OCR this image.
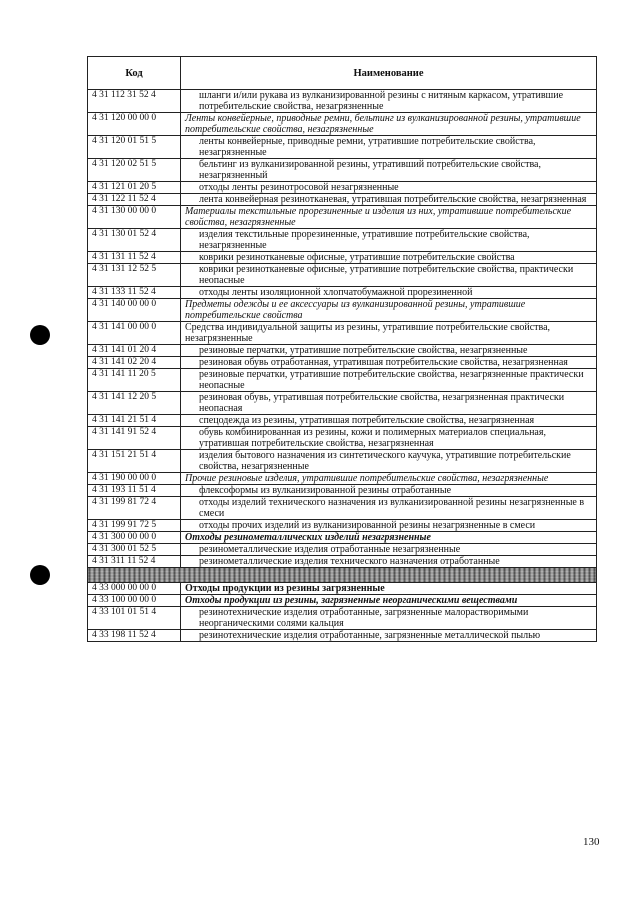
Код	Наименование
4 31 112 31 52 4	шланги и/или рукава из вулканизированной резины с нитяным каркасом, утратившие потребительские свойства, незагрязненные
4 31 120 00 00 0	Ленты конвейерные, приводные ремни, бельтинг из вулканизированной резины, утратившие потребительские свойства, незагрязненные
4 31 120 01 51 5	ленты конвейерные, приводные ремни, утратившие потребительские свойства, незагрязненные
4 31 120 02 51 5	бельтинг из вулканизированной резины, утративший потребительские свойства, незагрязненный
4 31 121 01 20 5	отходы ленты резинотросовой незагрязненные
4 31 122 11 52 4	лента конвейерная резинотканевая, утратившая потребительские свойства, незагрязненная
4 31 130 00 00 0	Материалы текстильные прорезиненные и изделия из них, утратившие потребительские свойства, незагрязненные
4 31 130 01 52 4	изделия текстильные прорезиненные, утратившие потребительские свойства, незагрязненные
4 31 131 11 52 4	коврики резинотканевые офисные, утратившие потребительские свойства
4 31 131 12 52 5	коврики резинотканевые офисные, утратившие потребительские свойства, практически неопасные
4 31 133 11 52 4	отходы ленты изоляционной хлопчатобумажной прорезиненной
4 31 140 00 00 0	Предметы одежды и ее аксессуары из вулканизированной резины, утратившие потребительские свойства
4 31 141 00 00 0	Средства индивидуальной защиты из резины, утратившие потребительские свойства, незагрязненные
4 31 141 01 20 4	резиновые перчатки, утратившие потребительские свойства, незагрязненные
4 31 141 02 20 4	резиновая обувь отработанная, утратившая потребительские свойства, незагрязненная
4 31 141 11 20 5	резиновые перчатки, утратившие потребительские свойства, незагрязненные практически неопасные
4 31 141 12 20 5	резиновая обувь, утратившая потребительские свойства, незагрязненная практически неопасная
4 31 141 21 51 4	спецодежда из резины, утратившая потребительские свойства, незагрязненная
4 31 141 91 52 4	обувь комбинированная из резины, кожи и полимерных материалов специальная, утратившая потребительские свойства, незагрязненная
4 31 151 21 51 4	изделия бытового назначения из синтетического каучука, утратившие потребительские свойства, незагрязненные
4 31 190 00 00 0	Прочие резиновые изделия, утратившие потребительские свойства, незагрязненные
4 31 193 11 51 4	флексоформы из вулканизированной резины отработанные
4 31 199 81 72 4	отходы изделий технического назначения из вулканизированной резины незагрязненные в смеси
4 31 199 91 72 5	отходы прочих изделий из вулканизированной резины незагрязненные в смеси
4 31 300 00 00 0	Отходы резинометаллических изделий незагрязненные
4 31 300 01 52 5	резинометаллические изделия отработанные незагрязненные
4 31 311 11 52 4	резинометаллические изделия технического назначения отработанные

4 33 000 00 00 0	Отходы продукции из резины загрязненные
4 33 100 00 00 0	Отходы продукции из резины, загрязненные неорганическими веществами
4 33 101 01 51 4	резинотехнические изделия отработанные, загрязненные малорастворимыми неорганическими солями кальция
4 33 198 11 52 4	резинотехнические изделия отработанные, загрязненные металлической пылью
130
